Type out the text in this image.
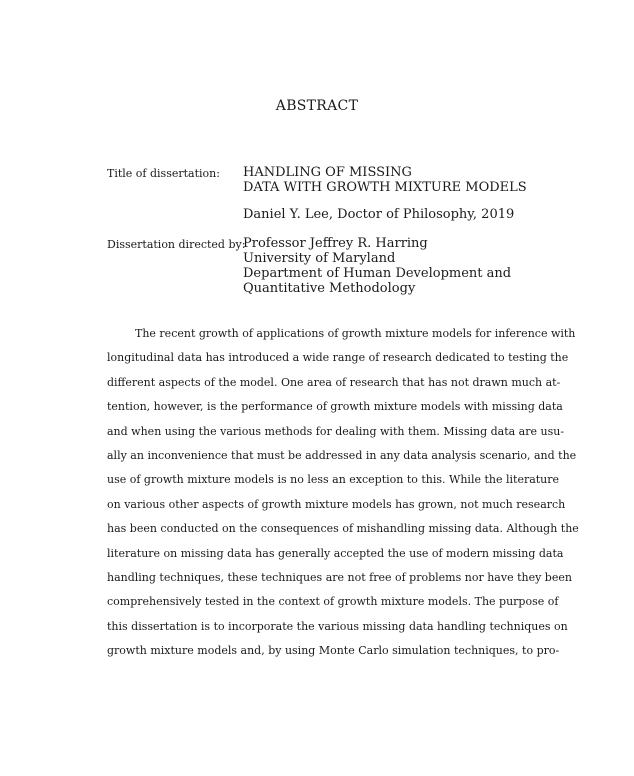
ABSTRACT
Title of dissertation: HANDLING OF MISSING
DATA WITH GROWTH MIXTURE MODELS
Daniel Y. Lee, Doctor of Philosophy, 2019
Dissertation directed by:
Professor Jeffrey R. Harring
University of Maryland
Department of Human Development and
Quantitative Methodology
The recent growth of applications of growth mixture models for inference with
longitudinal data has introduced a wide range of research dedicated to testing the
different aspects of the model. One area of research that has not drawn much at-
tention, however, is the performance of growth mixture models with missing data
and when using the various methods for dealing with them. Missing data are usu-
ally an inconvenience that must be addressed in any data analysis scenario, and the
use of growth mixture models is no less an exception to this. While the literature
on various other aspects of growth mixture models has grown, not much research
has been conducted on the consequences of mishandling missing data. Although the
literature on missing data has generally accepted the use of modern missing data
handling techniques, these techniques are not free of problems nor have they been
comprehensively tested in the context of growth mixture models. The purpose of
this dissertation is to incorporate the various missing data handling techniques on
growth mixture models and, by using Monte Carlo simulation techniques, to pro-
